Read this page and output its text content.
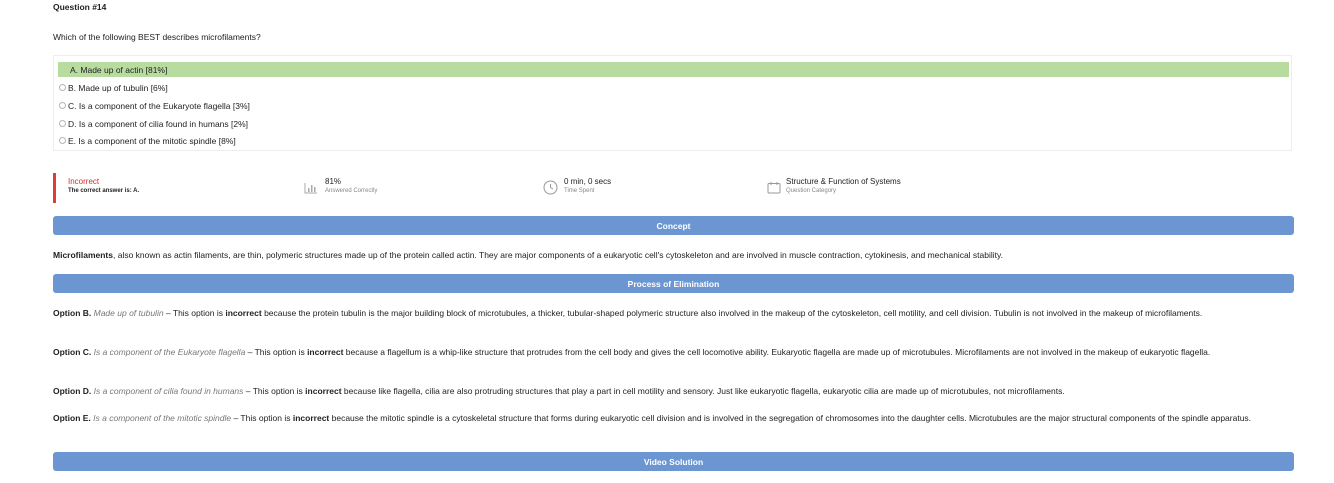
Question #14
Which of the following BEST describes microfilaments?
A. Made up of actin [81%]
B. Made up of tubulin [6%]
C. Is a component of the Eukaryote flagella [3%]
D. Is a component of cilia found in humans [2%]
E. Is a component of the mitotic spindle [8%]
Incorrect
The correct answer is: A.
81%
Answered Correctly
0 min, 0 secs
Time Spent
Structure & Function of Systems
Question Category
Concept
Microfilaments, also known as actin filaments, are thin, polymeric structures made up of the protein called actin. They are major components of a eukaryotic cell's cytoskeleton and are involved in muscle contraction, cytokinesis, and mechanical stability.
Process of Elimination
Option B. Made up of tubulin – This option is incorrect because the protein tubulin is the major building block of microtubules, a thicker, tubular-shaped polymeric structure also involved in the makeup of the cytoskeleton, cell motility, and cell division. Tubulin is not involved in the makeup of microfilaments.
Option C. Is a component of the Eukaryote flagella – This option is incorrect because a flagellum is a whip-like structure that protrudes from the cell body and gives the cell locomotive ability. Eukaryotic flagella are made up of microtubules. Microfilaments are not involved in the makeup of eukaryotic flagella.
Option D. Is a component of cilia found in humans – This option is incorrect because like flagella, cilia are also protruding structures that play a part in cell motility and sensory. Just like eukaryotic flagella, eukaryotic cilia are made up of microtubules, not microfilaments.
Option E. Is a component of the mitotic spindle – This option is incorrect because the mitotic spindle is a cytoskeletal structure that forms during eukaryotic cell division and is involved in the segregation of chromosomes into the daughter cells. Microtubules are the major structural components of the spindle apparatus.
Video Solution
